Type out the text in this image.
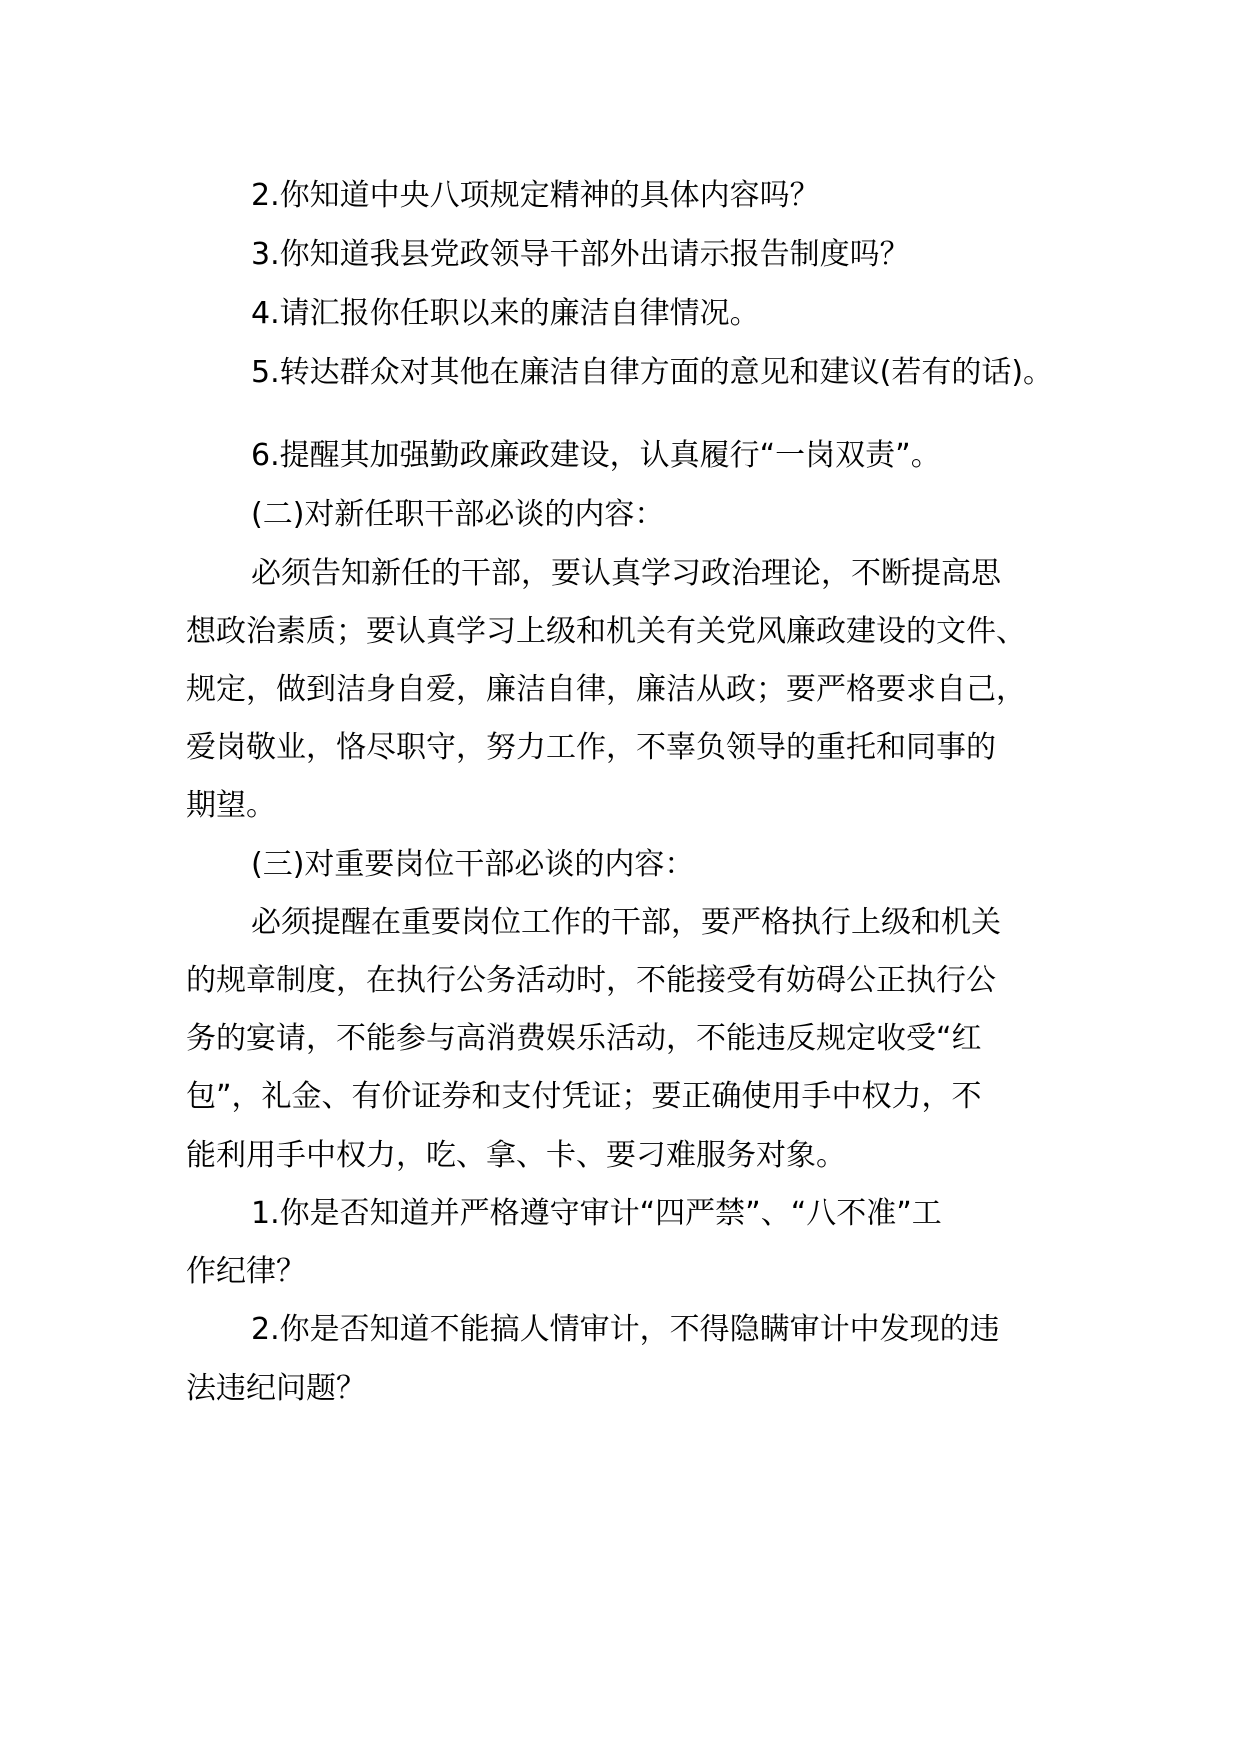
2.你知道中央八项规定精神的具体内容吗？
3.你知道我县党政领导干部外出请示报告制度吗？
4.请汇报你任职以来的廉洁自律情况。
5.转达群众对其他在廉洁自律方面的意见和建议(若有的话)。
6.提醒其加强勤政廉政建设，认真履行“一岗双责”。
(二)对新任职干部必谈的内容：
必须告知新任的干部，要认真学习政治理论，不断提高思
想政治素质；要认真学习上级和机关有关党风廉政建设的文件、
规定，做到洁身自爱，廉洁自律，廉洁从政；要严格要求自己，
爱岗敬业，恪尽职守，努力工作，不辜负领导的重托和同事的
期望。
(三)对重要岗位干部必谈的内容：
必须提醒在重要岗位工作的干部，要严格执行上级和机关
的规章制度，在执行公务活动时，不能接受有妨碍公正执行公
务的宴请，不能参与高消费娱乐活动，不能违反规定收受“红
包”，礼金、有价证券和支付凭证；要正确使用手中权力，不
能利用手中权力，吃、拿、卡、要刁难服务对象。
1.你是否知道并严格遵守审计“四严禁”、“八不准”工
作纪律？
2.你是否知道不能搞人情审计，不得隐瞒审计中发现的违
法违纪问题？
